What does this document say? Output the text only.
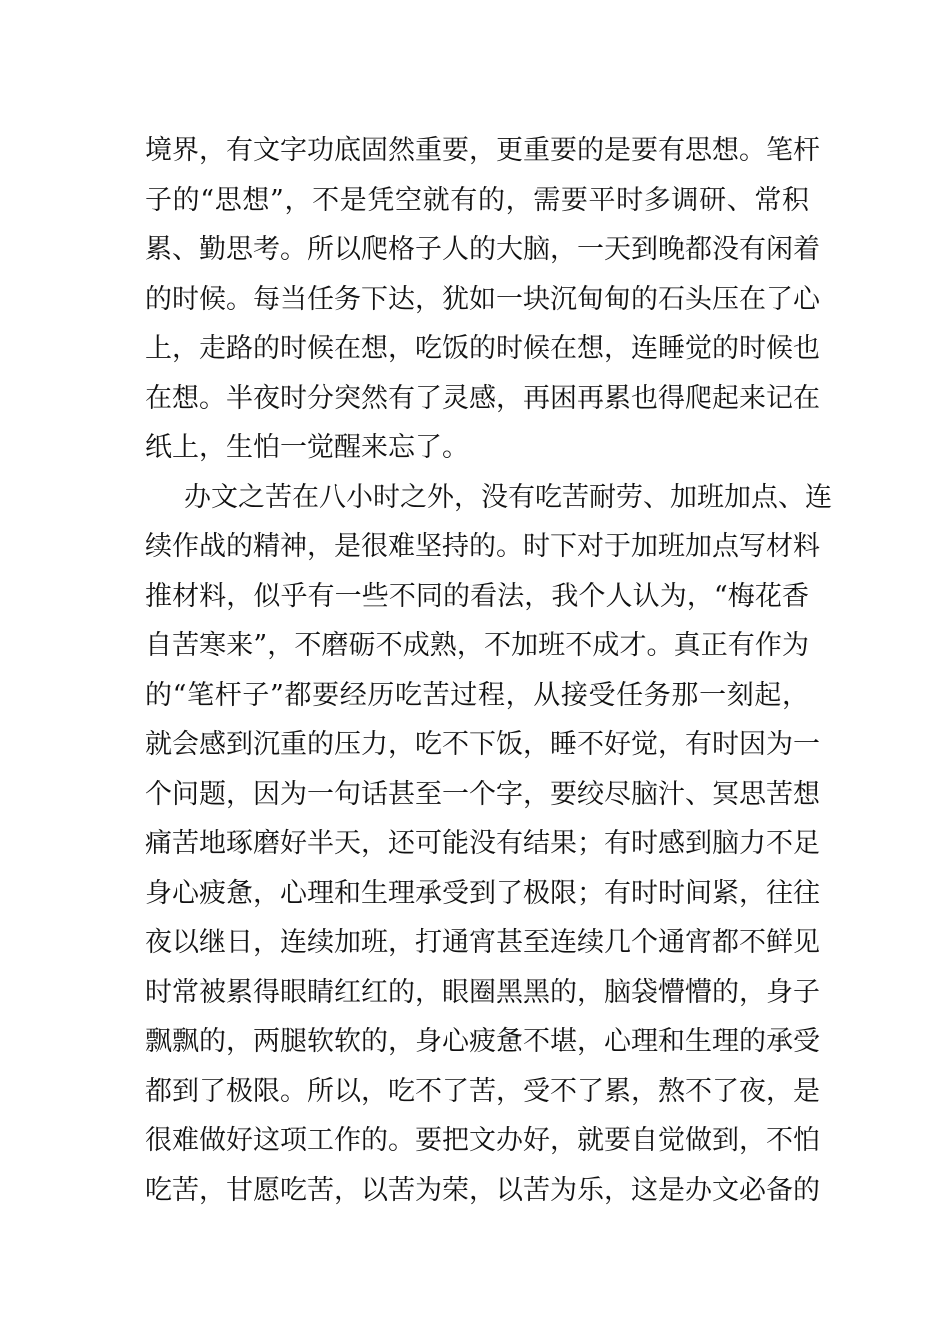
境界，有文字功底固然重要，更重要的是要有思想。笔杆
子的“思想”，不是凭空就有的，需要平时多调研、常积
累、勤思考。所以爬格子人的大脑，一天到晚都没有闲着
的时候。每当任务下达，犹如一块沉甸甸的石头压在了心
上，走路的时候在想，吃饭的时候在想，连睡觉的时候也
在想。半夜时分突然有了灵感，再困再累也得爬起来记在
纸上，生怕一觉醒来忘了。
办文之苦在八小时之外，没有吃苦耐劳、加班加点、连
续作战的精神，是很难坚持的。时下对于加班加点写材料
推材料，似乎有一些不同的看法，我个人认为，“梅花香
自苦寒来”，不磨砺不成熟，不加班不成才。真正有作为
的“笔杆子”都要经历吃苦过程，从接受任务那一刻起，
就会感到沉重的压力，吃不下饭，睡不好觉，有时因为一
个问题，因为一句话甚至一个字，要绞尽脑汁、冥思苦想
痛苦地琢磨好半天，还可能没有结果；有时感到脑力不足
身心疲惫，心理和生理承受到了极限；有时时间紧，往往
夜以继日，连续加班，打通宵甚至连续几个通宵都不鲜见
时常被累得眼睛红红的，眼圈黑黑的，脑袋懵懵的，身子
飘飘的，两腿软软的，身心疲惫不堪，心理和生理的承受
都到了极限。所以，吃不了苦，受不了累，熬不了夜，是
很难做好这项工作的。要把文办好，就要自觉做到，不怕
吃苦，甘愿吃苦，以苦为荣，以苦为乐，这是办文必备的
